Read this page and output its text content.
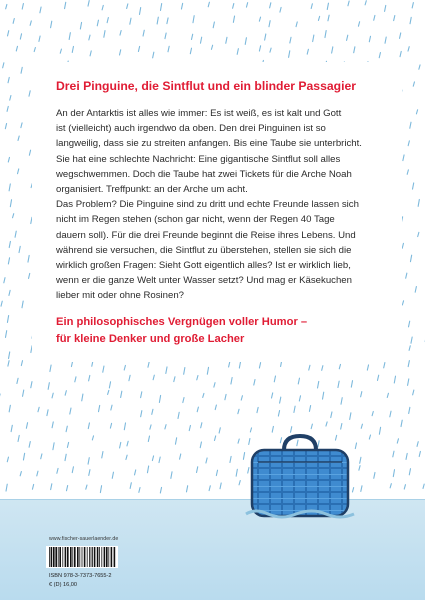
Drei Pinguine, die Sintflut und ein blinder Passagier
An der Antarktis ist alles wie immer: Es ist weiß, es ist kalt und Gott
ist (vielleicht) auch irgendwo da oben. Den drei Pinguinen ist so
langweilig, dass sie zu streiten anfangen. Bis eine Taube sie unterbricht.
Sie hat eine schlechte Nachricht: Eine gigantische Sintflut soll alles
wegschwemmen. Doch die Taube hat zwei Tickets für die Arche Noah
organisiert. Treffpunkt: an der Arche um acht.
Das Problem? Die Pinguine sind zu dritt und echte Freunde lassen sich
nicht im Regen stehen (schon gar nicht, wenn der Regen 40 Tage
dauern soll). Für die drei Freunde beginnt die Reise ihres Lebens. Und
während sie versuchen, die Sintflut zu überstehen, stellen sie sich die
wirklich großen Fragen: Sieht Gott eigentlich alles? Ist er wirklich lieb,
wenn er die ganze Welt unter Wasser setzt? Und mag er Käsekuchen
lieber mit oder ohne Rosinen?
Ein philosophisches Vergnügen voller Humor –
für kleine Denker und große Lacher
www.fischer-sauerlaender.de
ISBN 978-3-7373-7655-2
€ (D) 16,00
